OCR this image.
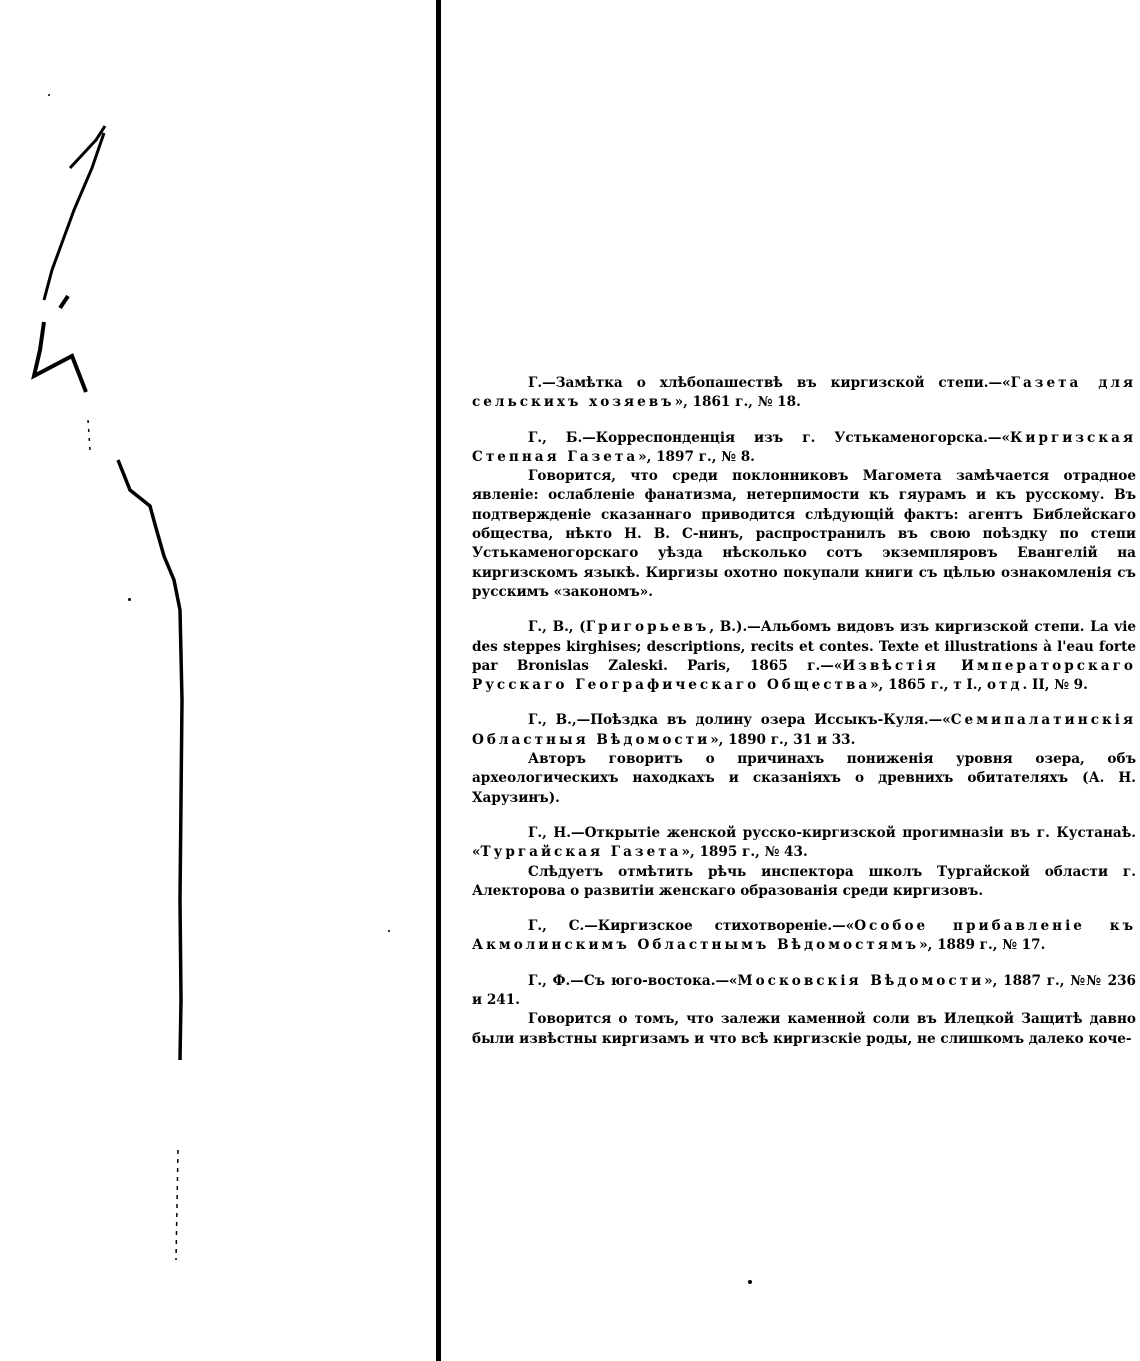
Г.—Замѣтка о хлѣбопашествѣ въ киргизской степи.—«Газета для сельскихъ хозяевъ», 1861 г., № 18.

Г., Б.—Корреспонденція изъ г. Устькаменогорска.—«Киргизская Степная Газета», 1897 г., № 8.

Говорится, что среди поклонниковъ Магомета замѣчается отрадное явленіе: ослабленіе фанатизма, нетерпимости къ гяурамъ и къ русскому. Въ подтвержденіе сказаннаго приводится слѣдующій фактъ: агентъ Библейскаго общества, нѣкто Н. В. С-нинъ, распространилъ въ свою поѣздку по степи Устькаменогорскаго уѣзда нѣсколько сотъ экземпляровъ Евангелій на киргизскомъ языкѣ. Киргизы охотно покупали книги съ цѣлью ознакомленія съ русскимъ «закономъ».

Г., В., (Григорьевъ, В.).—Альбомъ видовъ изъ киргизской степи. La vie des steppes kirghises; descriptions, recits et contes. Texte et illustrations à l'eau forte par Bronislas Zaleski. Paris, 1865 г.—«Извѣстія Императорскаго Русскаго Географическаго Общества», 1865 г., т I., отд. II, № 9.

Г., В.,—Поѣздка въ долину озера Иссыкъ-Куля.—«Семипалатинскія Областныя Вѣдомости», 1890 г., 31 и 33.

Авторъ говоритъ о причинахъ пониженія уровня озера, объ археологическихъ находкахъ и сказаніяхъ о древнихъ обитателяхъ (А. Н. Харузинъ).

Г., Н.—Открытіе женской русско-киргизской прогимназіи въ г. Кустанаѣ. «Тургайская Газета», 1895 г., № 43.

Слѣдуетъ отмѣтить рѣчь инспектора школъ Тургайской области г. Алекторова о развитіи женскаго образованія среди киргизовъ.

Г., С.—Киргизское стихотвореніе.—«Особое прибавленіе къ Акмолинскимъ Областнымъ Вѣдомостямъ», 1889 г., № 17.

Г., Ф.—Съ юго-востока.—«Московскія Вѣдомости», 1887 г., №№ 236 и 241.

Говорится о томъ, что залежи каменной соли въ Илецкой Защитѣ давно были извѣстны киргизамъ и что всѣ киргизскіе роды, не слишкомъ далеко коче-
